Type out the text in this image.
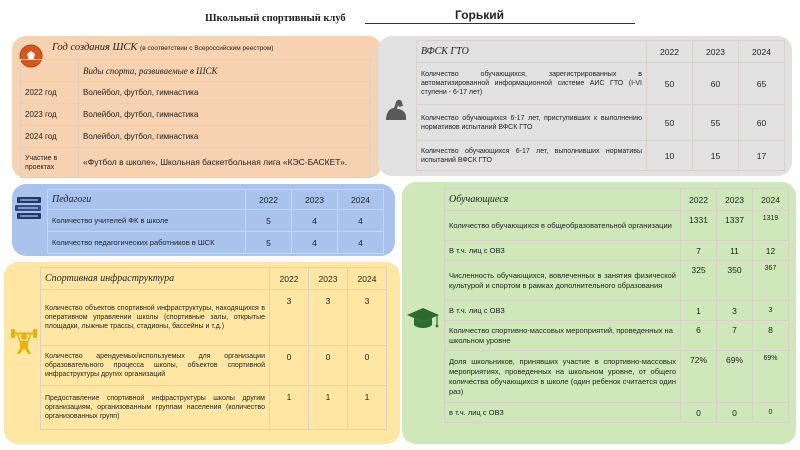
Школьный спортивный клуб	Горький
Год создания ШСК (в соответствии с Всероссийским реестром)
	Виды спорта, развиваемые в ШСК
2022 год	Волейбол, футбол, гимнастика
2023 год	Волейбол, футбол, гимнастика
2024 год	Волейбол, футбол, гимнастика
Участие в проектах	«Футбол в школе», Школьная баскетбольная лига «КЭС-БАСКЕТ».
ВФСК ГТО	2022	2023	2024
Количество обучающихся, зарегистрированных в автоматизированной информационной системе АИС ГТО (I-VI ступени - 6-17 лет)	50	60	65
Количество обучающихся 6-17 лет, приступивших к выполнению нормативов испытаний ВФСК ГТО	50	55	60
Количество обучающихся 6-17 лет, выполнивших нормативы испытаний ВФСК ГТО	10	15	17
Педагоги	2022	2023	2024
Количество учителей ФК в школе	5	4	4
Количество педагогических работников в ШСК	5	4	4
Спортивная инфраструктура	2022	2023	2024
Количество объектов спортивной инфраструктуры, находящихся в оперативном управлении школы (спортивные залы, открытые площадки, лыжные трассы, стадионы, бассейны и т.д.)	3	3	3
Количество арендуемых/используемых для организации образовательного процесса школы, объектов спортивной инфраструктуры других организаций	0	0	0
Предоставление спортивной инфраструктуры школы другим организациям, организованным группам населения (количество организованных групп)	1	1	1
Обучающиеся	2022	2023	2024
Количество обучающихся в общеобразовательной организации	1331	1337	1319
В т.ч. лиц с ОВЗ	7	11	12
Численность обучающихся, вовлеченных в занятия физической культурой и спортом в рамках дополнительного образования	325	350	367
В т.ч. лиц с ОВЗ	1	3	3
Количество спортивно-массовых мероприятий, проведенных на школьном уровне	6	7	8
Доля школьников, принявших участие в спортивно-массовых мероприятиях, проведенных на школьном уровне, от общего количества обучающихся в школе (один ребенок считается один раз)	72%	69%	69%
в т.ч. лиц с ОВЗ	0	0	0
